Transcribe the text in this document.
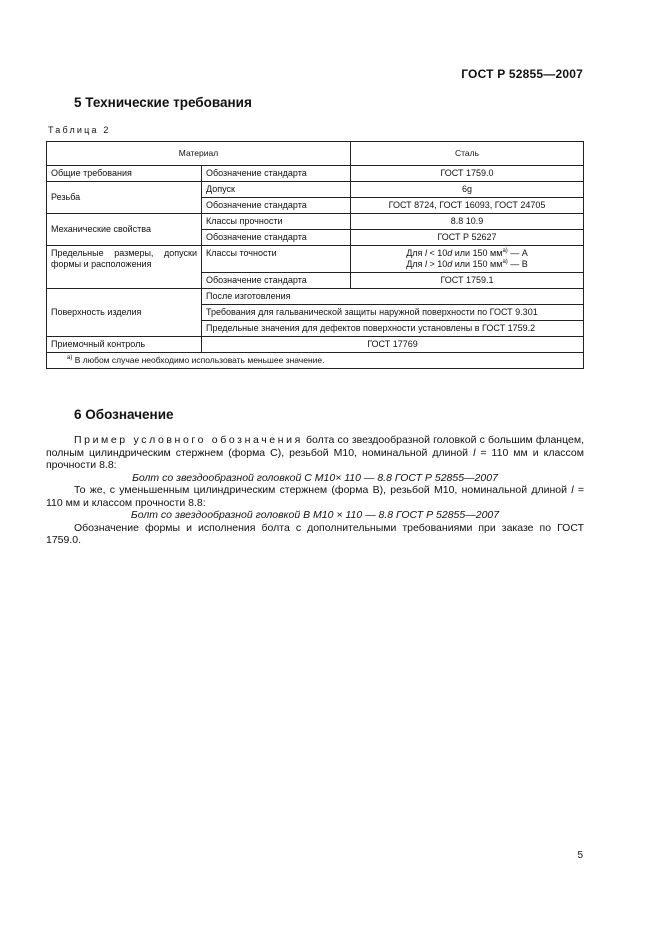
ГОСТ Р 52855—2007
5 Технические требования
Таблица 2
Материал		Сталь
Общие требования	Обозначение стандарта	ГОСТ 1759.0
Резьба	Допуск	6g
	Обозначение стандарта	ГОСТ 8724, ГОСТ 16093, ГОСТ 24705
Механические свойства	Классы прочности	8.8 10.9
	Обозначение стандарта	ГОСТ Р 52627
Предельные размеры, допуски формы и расположения	Классы точности	Для l < 10d или 150 $мм^{а)}$ — А
Для l > 10d или 150 $мм^{а)}$ — В

	Обозначение стандарта	ГОСТ 1759.1
Поверхность изделия	После изготовления	
	Требования для гальванической защиты наружной поверхности по ГОСТ 9.301	
	Предельные значения для дефектов поверхности установлены в ГОСТ 1759.2	
Приемочный контроль	ГОСТ 17769	
$^{а)}$ В любом случае необходимо использовать меньшее значение.		
6 Обозначение

Пример условного обозначения болта со звездообразной головкой с большим фланцем, полным цилиндрическим стержнем (форма С), резьбой М10, номинальной длиной l = 110 мм и классом прочности 8.8:

Болт со звездообразной головкой С М10× 110 — 8.8 ГОСТ Р 52855—2007

То же, с уменьшенным цилиндрическим стержнем (форма В), резьбой М10, номинальной длиной l = 110 мм и классом прочности 8.8:

Болт со звездообразной головкой В М10 × 110 — 8.8 ГОСТ Р 52855—2007

Обозначение формы и исполнения болта с дополнительными требованиями при заказе по ГОСТ 1759.0.

5
